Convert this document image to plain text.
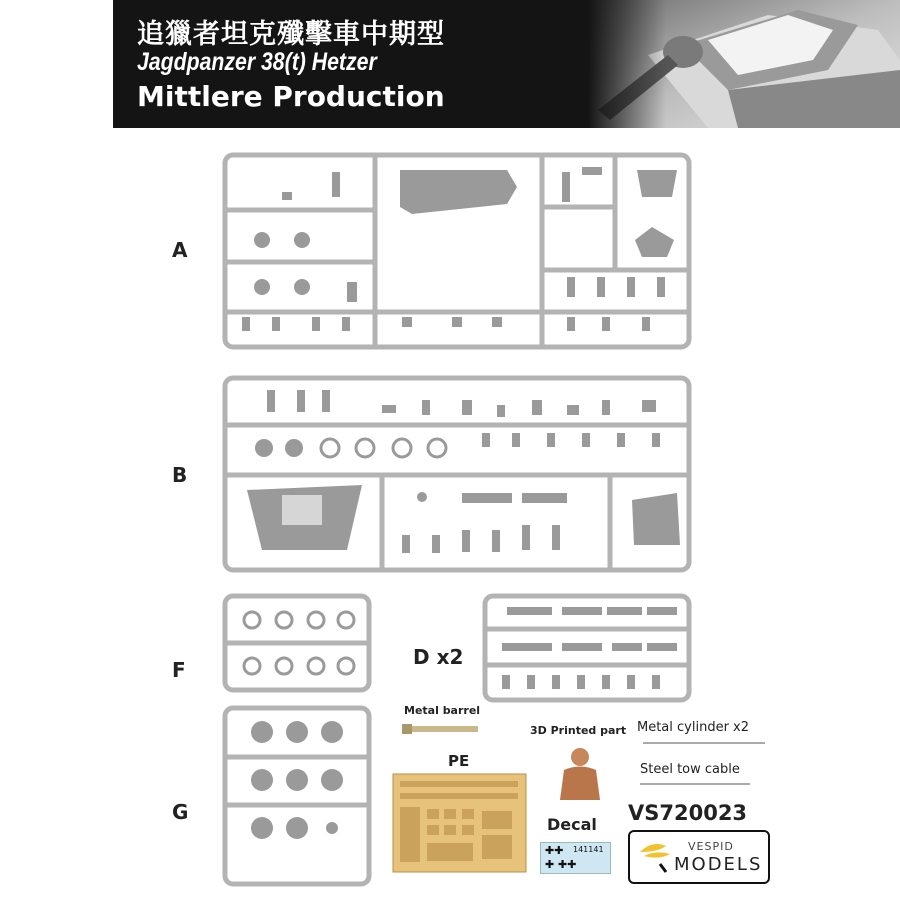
追獵者坦克殲擊車中期型
Jagdpanzer 38(t) Hetzer
Mittlere Production
A
B
F
D x2
G
Metal barrel
3D Printed part Metal cylinder x2
Steel tow cable
PE
Decal
✚✚ 141141
✚ ✚✚
VS720023
VESPID
MODELS
